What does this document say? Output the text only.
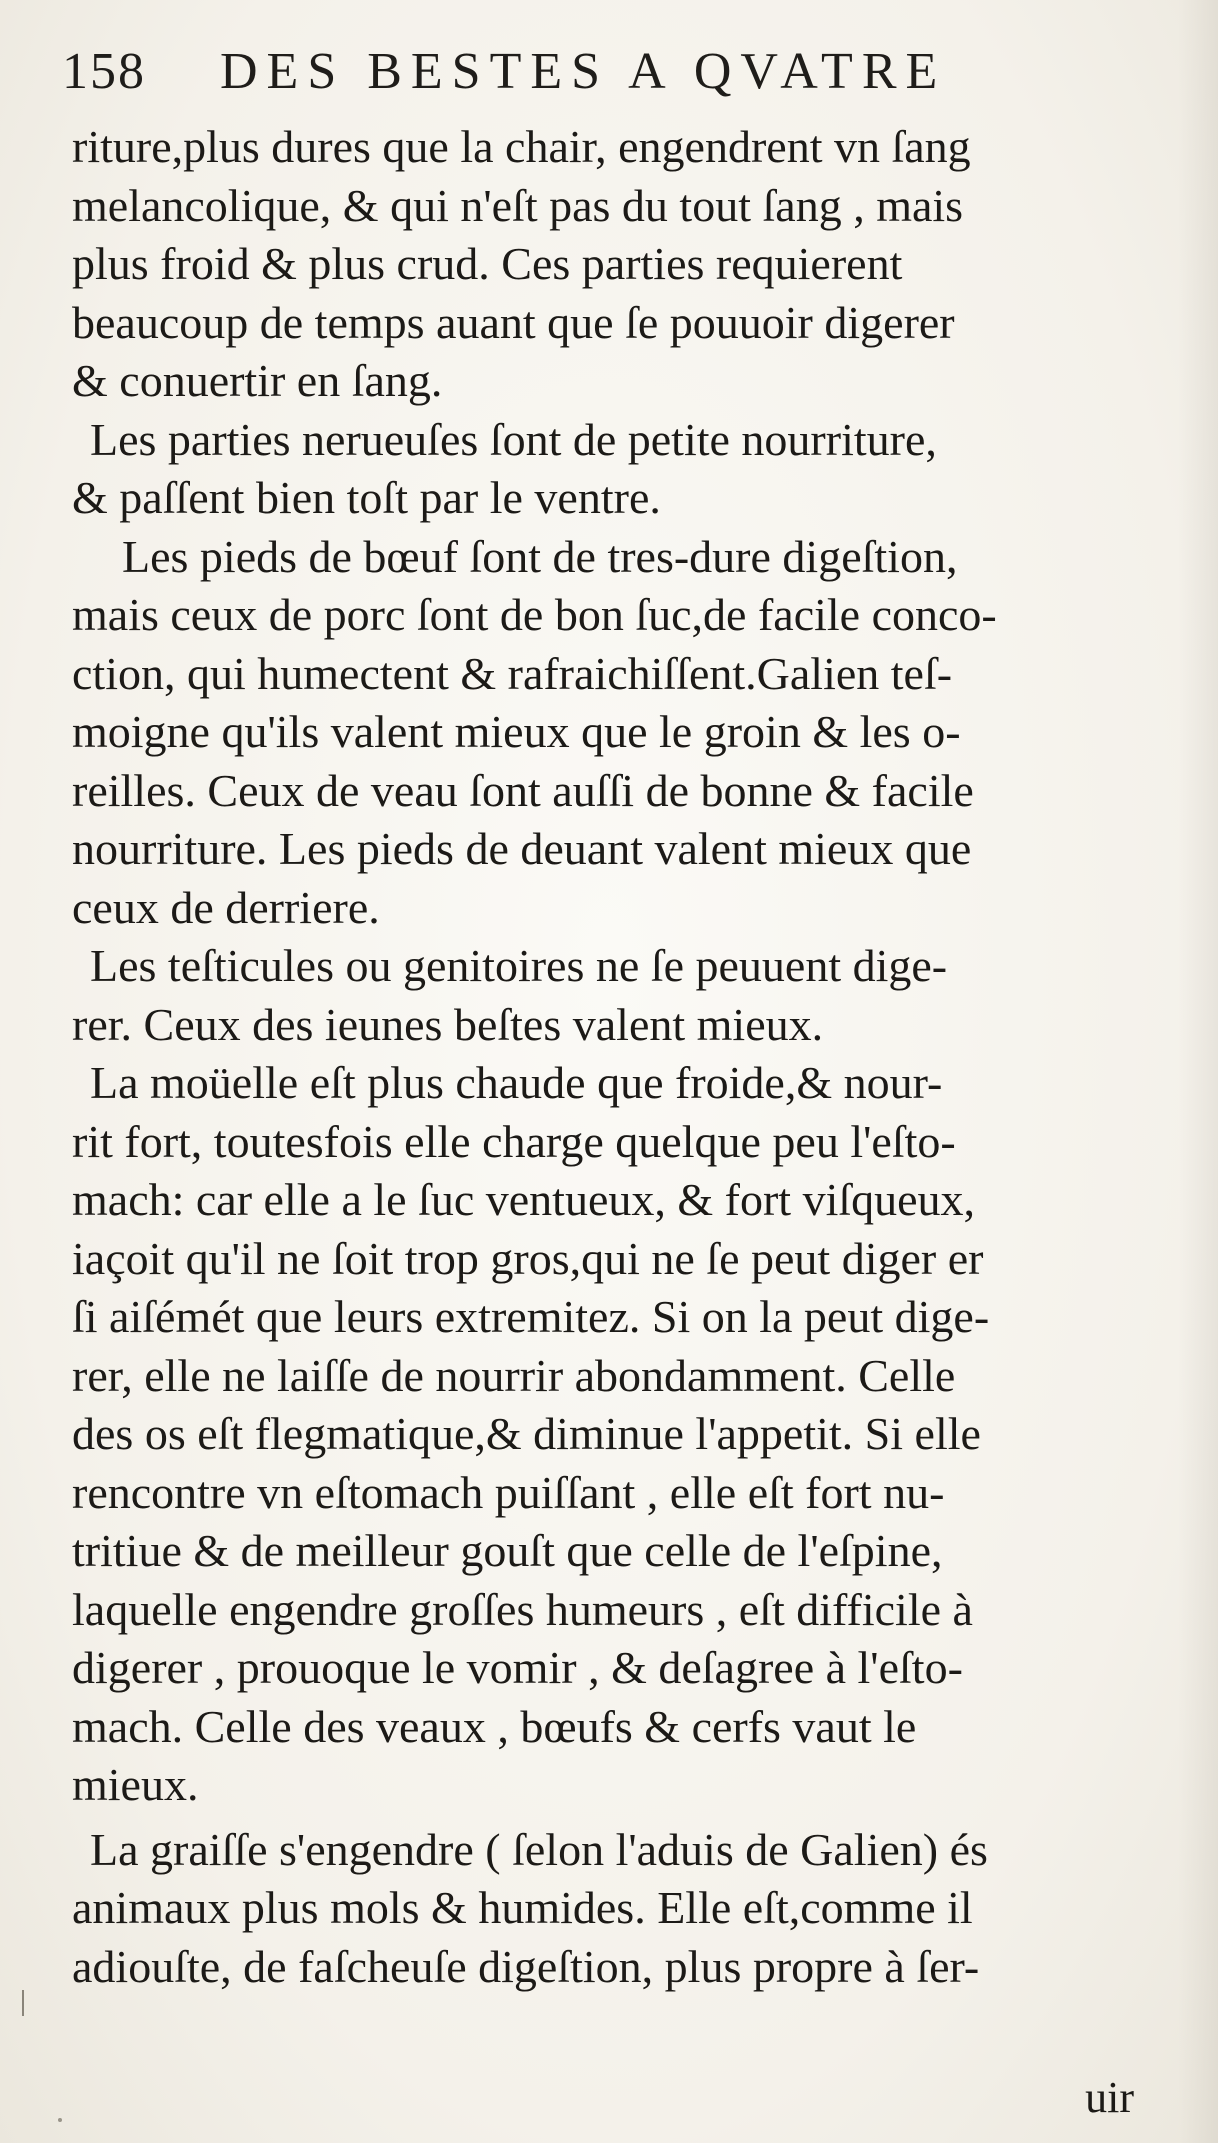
158 DES BESTES A QVATRE
riture,plus dures que la chair, engendrent vn ſang
melancolique, & qui n'eſt pas du tout ſang , mais
plus froid & plus crud. Ces parties requierent
beaucoup de temps auant que ſe pouuoir digerer
& conuertir en ſang.
Les parties nerueuſes ſont de petite nourriture,
& paſſent bien toſt par le ventre.
Les pieds de bœuf ſont de tres-dure digeſtion,
mais ceux de porc ſont de bon ſuc,de facile conco-
ction, qui humectent & rafraichiſſent.Galien teſ-
moigne qu'ils valent mieux que le groin & les o-
reilles. Ceux de veau ſont auſſi de bonne & facile
nourriture. Les pieds de deuant valent mieux que
ceux de derriere.
Les teſticules ou genitoires ne ſe peuuent dige-
rer. Ceux des ieunes beſtes valent mieux.
La moüelle eſt plus chaude que froide,& nour-
rit fort, toutesfois elle charge quelque peu l'eſto-
mach: car elle a le ſuc ventueux, & fort viſqueux,
iaçoit qu'il ne ſoit trop gros,qui ne ſe peut diger er
ſi aiſémét que leurs extremitez. Si on la peut dige-
rer, elle ne laiſſe de nourrir abondamment. Celle
des os eſt flegmatique,& diminue l'appetit. Si elle
rencontre vn eſtomach puiſſant , elle eſt fort nu-
tritiue & de meilleur gouſt que celle de l'eſpine,
laquelle engendre groſſes humeurs , eſt difficile à
digerer , prouoque le vomir , & deſagree à l'eſto-
mach. Celle des veaux , bœufs & cerfs vaut le
mieux.
La graiſſe s'engendre ( ſelon l'aduis de Galien) és
animaux plus mols & humides. Elle eſt,comme il
adiouſte, de faſcheuſe digeſtion, plus propre à ſer-
uir
